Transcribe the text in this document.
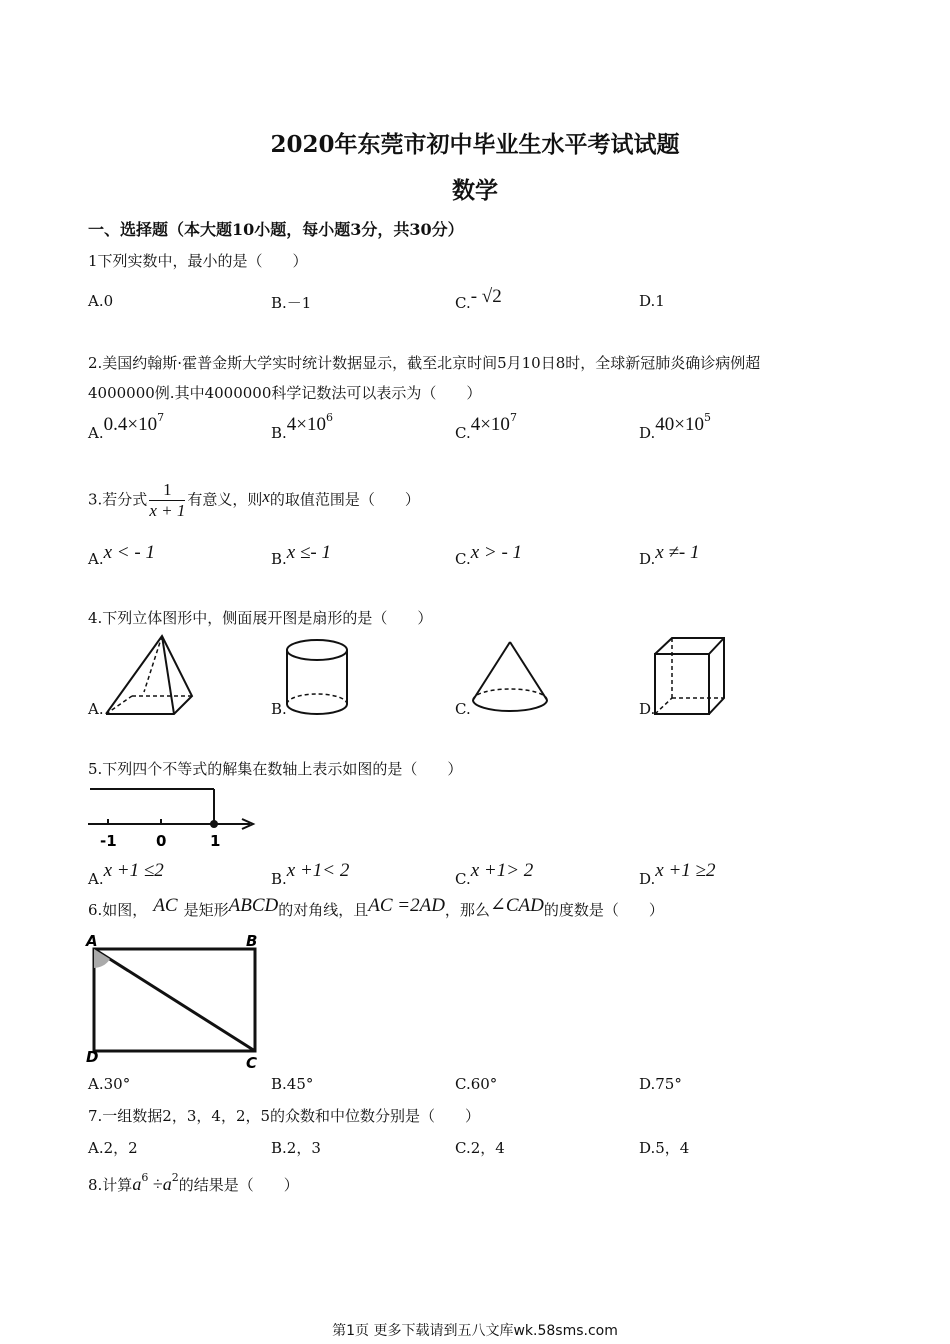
2020年东莞市初中毕业生水平考试试题
数学
一、选择题（本大题10小题，每小题3分，共30分）
1下列实数中，最小的是（　　）
A.0	B.－1	C.- √2	D.1
2.美国约翰斯·霍普金斯大学实时统计数据显示，截至北京时间5月10日8时，全球新冠肺炎确诊病例超
4000000例.其中4000000科学记数法可以表示为（　　）
$A.0.4\times 10^7$
$B.4\times 10^6$
$C.4\times 10^7$
$D.40\times 10^5$
3.若分式 $\frac{1}{x + 1}$ 有意义，则x的取值范围是（　　）
A.x < - 1	B.x ≤- 1	C.x > - 1	D.x ≠- 1
4.下列立体图形中，侧面展开图是扇形的是（　　）
A.	B.	C.	D.
5.下列四个不等式的解集在数轴上表示如图的是（　　）
-1	0	1
A.x +1 ≤2	B.x +1< 2	C.x +1> 2	D.x +1 ≥2
6.如图， AC 是矩形ABCD的对角线，且AC =2AD，那么∠CAD的度数是（　　）
A	B
C
D
A.30°	B.45°	C.60°	D.75°
7.一组数据2，3，4，2，5的众数和中位数分别是（　　）
A.2，2	B.2，3	C.2，4	D.5，4
8.计算$a^6 \div a^2$的结果是（　　）
第1页 更多下载请到五八文库wk.58sms.com
